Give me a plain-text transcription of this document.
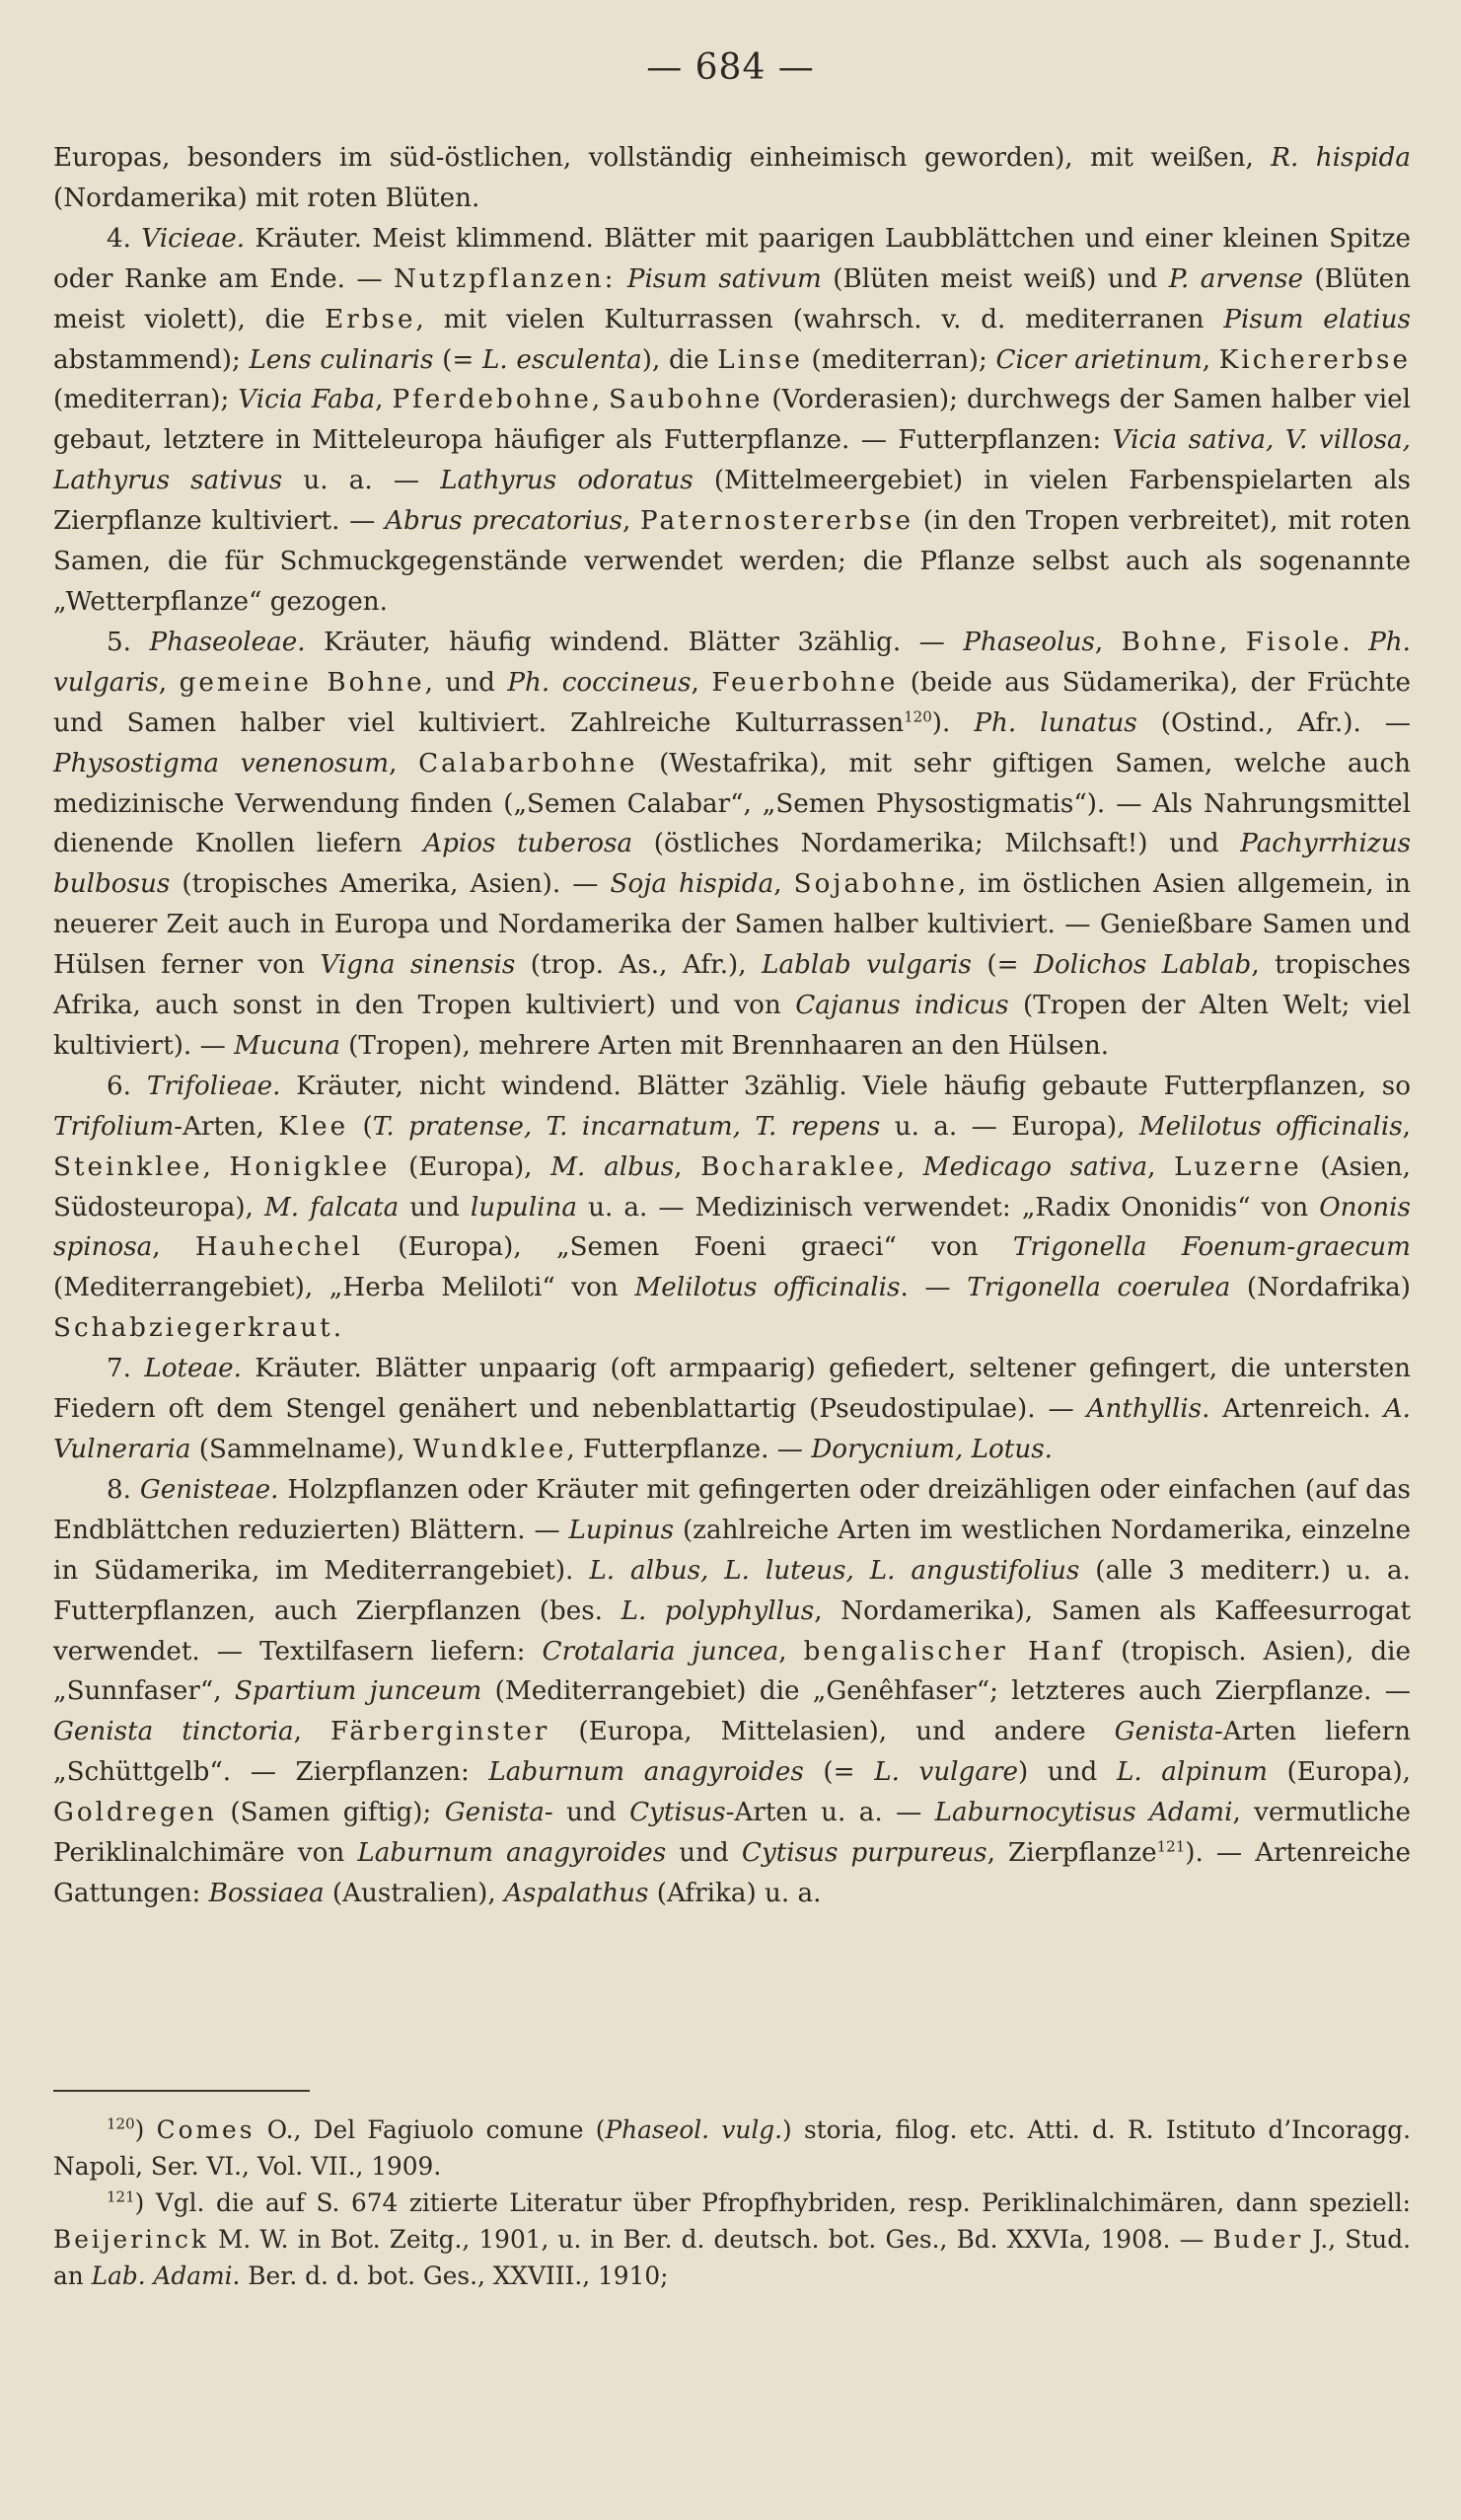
— 684 —

Europas, besonders im süd-östlichen, vollständig einheimisch geworden), mit weißen, R. hispida (Nordamerika) mit roten Blüten.

4. Vicieae. Kräuter. Meist klimmend. Blätter mit paarigen Laubblättchen und einer kleinen Spitze oder Ranke am Ende. — Nutzpflanzen: Pisum sativum (Blüten meist weiß) und P. arvense (Blüten meist violett), die Erbse, mit vielen Kulturrassen (wahrsch. v. d. mediterranen Pisum elatius abstammend); Lens culinaris (= L. esculenta), die Linse (mediterran); Cicer arietinum, Kichererbse (mediterran); Vicia Faba, Pferdebohne, Saubohne (Vorderasien); durchwegs der Samen halber viel gebaut, letztere in Mitteleuropa häufiger als Futterpflanze. — Futterpflanzen: Vicia sativa, V. villosa, Lathyrus sativus u. a. — Lathyrus odoratus (Mittelmeergebiet) in vielen Farbenspielarten als Zierpflanze kultiviert. — Abrus precatorius, Paternostererbse (in den Tropen verbreitet), mit roten Samen, die für Schmuckgegenstände verwendet werden; die Pflanze selbst auch als sogenannte „Wetterpflanze“ gezogen.

5. Phaseoleae. Kräuter, häufig windend. Blätter 3zählig. — Phaseolus, Bohne, Fisole. Ph. vulgaris, gemeine Bohne, und Ph. coccineus, Feuerbohne (beide aus Südamerika), der Früchte und Samen halber viel kultiviert. Zahlreiche Kulturrassen$^{120}$). Ph. lunatus (Ostind., Afr.). — Physostigma venenosum, Calabarbohne (Westafrika), mit sehr giftigen Samen, welche auch medizinische Verwendung finden („Semen Calabar“, „Semen Physostigmatis“). — Als Nahrungsmittel dienende Knollen liefern Apios tuberosa (östliches Nordamerika; Milchsaft!) und Pachyrrhizus bulbosus (tropisches Amerika, Asien). — Soja hispida, Sojabohne, im östlichen Asien allgemein, in neuerer Zeit auch in Europa und Nordamerika der Samen halber kultiviert. — Genießbare Samen und Hülsen ferner von Vigna sinensis (trop. As., Afr.), Lablab vulgaris (= Dolichos Lablab, tropisches Afrika, auch sonst in den Tropen kultiviert) und von Cajanus indicus (Tropen der Alten Welt; viel kultiviert). — Mucuna (Tropen), mehrere Arten mit Brennhaaren an den Hülsen.

6. Trifolieae. Kräuter, nicht windend. Blätter 3zählig. Viele häufig gebaute Futterpflanzen, so Trifolium-Arten, Klee (T. pratense, T. incarnatum, T. repens u. a. — Europa), Melilotus officinalis, Steinklee, Honigklee (Europa), M. albus, Bocharaklee, Medicago sativa, Luzerne (Asien, Südosteuropa), M. falcata und lupulina u. a. — Medizinisch verwendet: „Radix Ononidis“ von Ononis spinosa, Hauhechel (Europa), „Semen Foeni graeci“ von Trigonella Foenum-graecum (Mediterrangebiet), „Herba Meliloti“ von Melilotus officinalis. — Trigonella coerulea (Nordafrika) Schabziegerkraut.

7. Loteae. Kräuter. Blätter unpaarig (oft armpaarig) gefiedert, seltener gefingert, die untersten Fiedern oft dem Stengel genähert und nebenblattartig (Pseudostipulae). — Anthyllis. Artenreich. A. Vulneraria (Sammelname), Wundklee, Futterpflanze. — Dorycnium, Lotus.

8. Genisteae. Holzpflanzen oder Kräuter mit gefingerten oder dreizähligen oder einfachen (auf das Endblättchen reduzierten) Blättern. — Lupinus (zahlreiche Arten im westlichen Nordamerika, einzelne in Südamerika, im Mediterrangebiet). L. albus, L. luteus, L. angustifolius (alle 3 mediterr.) u. a. Futterpflanzen, auch Zierpflanzen (bes. L. polyphyllus, Nordamerika), Samen als Kaffeesurrogat verwendet. — Textilfasern liefern: Crotalaria juncea, bengalischer Hanf (tropisch. Asien), die „Sunnfaser“, Spartium junceum (Mediterrangebiet) die „Genêhfaser“; letzteres auch Zierpflanze. — Genista tinctoria, Färberginster (Europa, Mittelasien), und andere Genista-Arten liefern „Schüttgelb“. — Zierpflanzen: Laburnum anagyroides (= L. vulgare) und L. alpinum (Europa), Goldregen (Samen giftig); Genista- und Cytisus-Arten u. a. — Laburnocytisus Adami, vermutliche Periklinalchimäre von Laburnum anagyroides und Cytisus purpureus, Zierpflanze$^{121}$). — Artenreiche Gattungen: Bossiaea (Australien), Aspalathus (Afrika) u. a.

$^{120}$) Comes O., Del Fagiuolo comune (Phaseol. vulg.) storia, filog. etc. Atti. d. R. Istituto d’Incoragg. Napoli, Ser. VI., Vol. VII., 1909.

$^{121}$) Vgl. die auf S. 674 zitierte Literatur über Pfropfhybriden, resp. Periklinalchimären, dann speziell: Beijerinck M. W. in Bot. Zeitg., 1901, u. in Ber. d. deutsch. bot. Ges., Bd. XXVIa, 1908. — Buder J., Stud. an Lab. Adami. Ber. d. d. bot. Ges., XXVIII., 1910;
